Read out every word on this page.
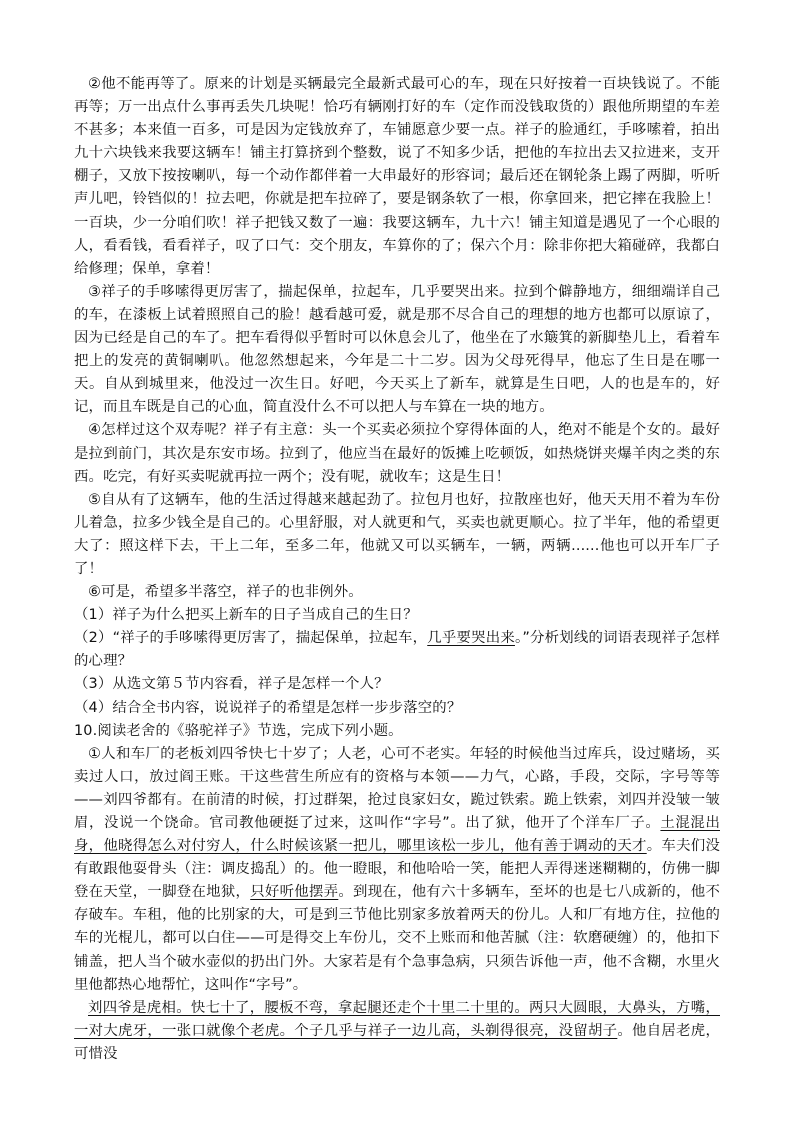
②他不能再等了。原来的计划是买辆最完全最新式最可心的车，现在只好按着一百块钱说了。不能再等；万一出点什么事再丢失几块呢！恰巧有辆刚打好的车（定作而没钱取货的）跟他所期望的车差不甚多；本来值一百多，可是因为定钱放弃了，车铺愿意少要一点。祥子的脸通红，手哆嗦着，拍出九十六块钱来我要这辆车！铺主打算挤到个整数，说了不知多少话，把他的车拉出去又拉进来，支开棚子，又放下按按喇叭，每一个动作都伴着一大串最好的形容词；最后还在钢轮条上踢了两脚，听听声儿吧，铃铛似的！拉去吧，你就是把车拉碎了，要是钢条软了一根，你拿回来，把它摔在我脸上！一百块，少一分咱们吹！祥子把钱又数了一遍：我要这辆车，九十六！铺主知道是遇见了一个心眼的人，看看钱，看看祥子，叹了口气：交个朋友，车算你的了；保六个月：除非你把大箱碰碎，我都白给修理；保单，拿着！

③祥子的手哆嗦得更厉害了，揣起保单，拉起车，几乎要哭出来。拉到个僻静地方，细细端详自己的车，在漆板上试着照照自己的脸！越看越可爱，就是那不尽合自己的理想的地方也都可以原谅了，因为已经是自己的车了。把车看得似乎暂时可以休息会儿了，他坐在了水簸箕的新脚垫儿上，看着车把上的发亮的黄铜喇叭。他忽然想起来，今年是二十二岁。因为父母死得早，他忘了生日是在哪一天。自从到城里来，他没过一次生日。好吧，今天买上了新车，就算是生日吧，人的也是车的，好记，而且车既是自己的心血，简直没什么不可以把人与车算在一块的地方。

④怎样过这个双寿呢？祥子有主意：头一个买卖必须拉个穿得体面的人，绝对不能是个女的。最好是拉到前门，其次是东安市场。拉到了，他应当在最好的饭摊上吃顿饭，如热烧饼夹爆羊肉之类的东西。吃完，有好买卖呢就再拉一两个；没有呢，就收车；这是生日！

⑤自从有了这辆车，他的生活过得越来越起劲了。拉包月也好，拉散座也好，他天天用不着为车份儿着急，拉多少钱全是自己的。心里舒服，对人就更和气，买卖也就更顺心。拉了半年，他的希望更大了：照这样下去，干上二年，至多二年，他就又可以买辆车，一辆，两辆......他也可以开车厂子了！

⑥可是，希望多半落空，祥子的也非例外。

（1）祥子为什么把买上新车的日子当成自己的生日？

（2）“祥子的手哆嗦得更厉害了，揣起保单，拉起车，几乎要哭出来。”分析划线的词语表现祥子怎样的心理？

（3）从选文第５节内容看，祥子是怎样一个人？

（4）结合全书内容，说说祥子的希望是怎样一步步落空的？

10.阅读老舍的《骆驼祥子》节选，完成下列小题。

①人和车厂的老板刘四爷快七十岁了；人老，心可不老实。年轻的时候他当过库兵，设过赌场，买卖过人口，放过阎王账。干这些营生所应有的资格与本领——力气，心路，手段，交际，字号等等——刘四爷都有。在前清的时候，打过群架，抢过良家妇女，跪过铁索。跪上铁索，刘四并没皱一皱眉，没说一个饶命。官司教他硬挺了过来，这叫作“字号”。出了狱，他开了个洋车厂子。土混混出身，他晓得怎么对付穷人，什么时候该紧一把儿，哪里该松一步儿，他有善于调动的天才。车夫们没有敢跟他耍骨头（注：调皮捣乱）的。他一瞪眼，和他哈哈一笑，能把人弄得迷迷糊糊的，仿佛一脚登在天堂，一脚登在地狱，只好听他摆弄。到现在，他有六十多辆车，至坏的也是七八成新的，他不存破车。车租，他的比别家的大，可是到三节他比别家多放着两天的份儿。人和厂有地方住，拉他的车的光棍儿，都可以白住——可是得交上车份儿，交不上账而和他苦腻（注：软磨硬缠）的，他扣下铺盖，把人当个破水壶似的扔出门外。大家若是有个急事急病，只须告诉他一声，他不含糊，水里火里他都热心地帮忙，这叫作“字号”。

刘四爷是虎相。快七十了，腰板不弯，拿起腿还走个十里二十里的。两只大圆眼，大鼻头，方嘴，一对大虎牙，一张口就像个老虎。个子几乎与祥子一边儿高，头剃得很亮，没留胡子。他自居老虎，可惜没
